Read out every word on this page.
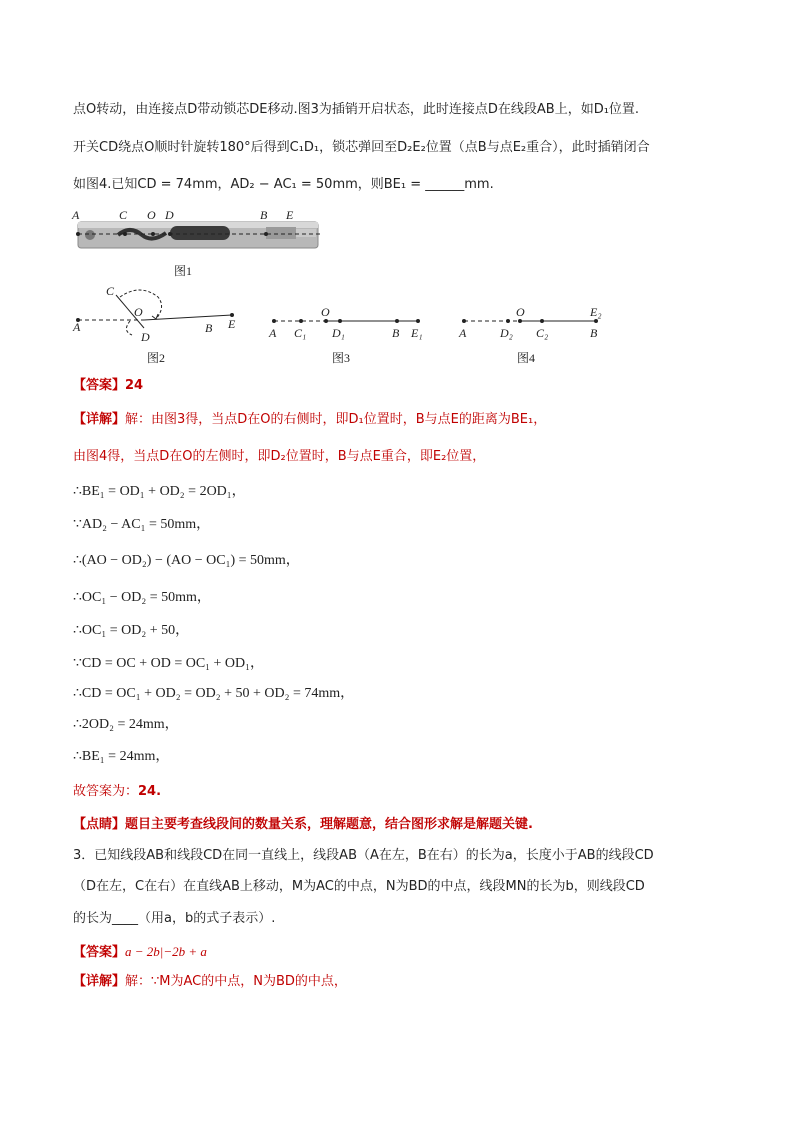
点O转动，由连接点D带动锁芯DE移动.图3为插销开启状态，此时连接点D在线段AB上，如D₁位置.
开关CD绕点O顺时针旋转180°后得到C₁D₁，锁芯弹回至D₂E₂位置（点B与点E₂重合），此时插销闭合
如图4.已知CD = 74mm，AD₂ − AC₁ = 50mm，则BE₁ = ______mm.
A	C O D	B E
图1
C
O
A
D
B E
图2
O
A C₁ D₁	B E₁
图3
O	E₂
A	D₂ C₂	B
图4
【答案】24
【详解】解：由图3得，当点D在O的右侧时，即D₁位置时，B与点E的距离为BE₁，
由图4得，当点D在O的左侧时，即D₂位置时，B与点E重合，即E₂位置，
∴BE₁ = OD₁ + OD₂ = 2OD₁，
∵AD₂ − AC₁ = 50mm，
∴(AO − OD₂) − (AO − OC₁) = 50mm，
∴OC₁ − OD₂ = 50mm，
∴OC₁ = OD₂ + 50，
∵CD = OC + OD = OC₁ + OD₁，
∴CD = OC₁ + OD₂ = OD₂ + 50 + OD₂ = 74mm，
∴2OD₂ = 24mm，
∴BE₁ = 24mm，
故答案为：24.
【点睛】题目主要考查线段间的数量关系，理解题意，结合图形求解是解题关键.
3．已知线段AB和线段CD在同一直线上，线段AB（A在左，B在右）的长为a，长度小于AB的线段CD
（D在左，C在右）在直线AB上移动，M为AC的中点，N为BD的中点，线段MN的长为b，则线段CD
的长为____（用a，b的式子表示）.
【答案】a − 2b|−2b + a
【详解】解：∵M为AC的中点，N为BD的中点，
